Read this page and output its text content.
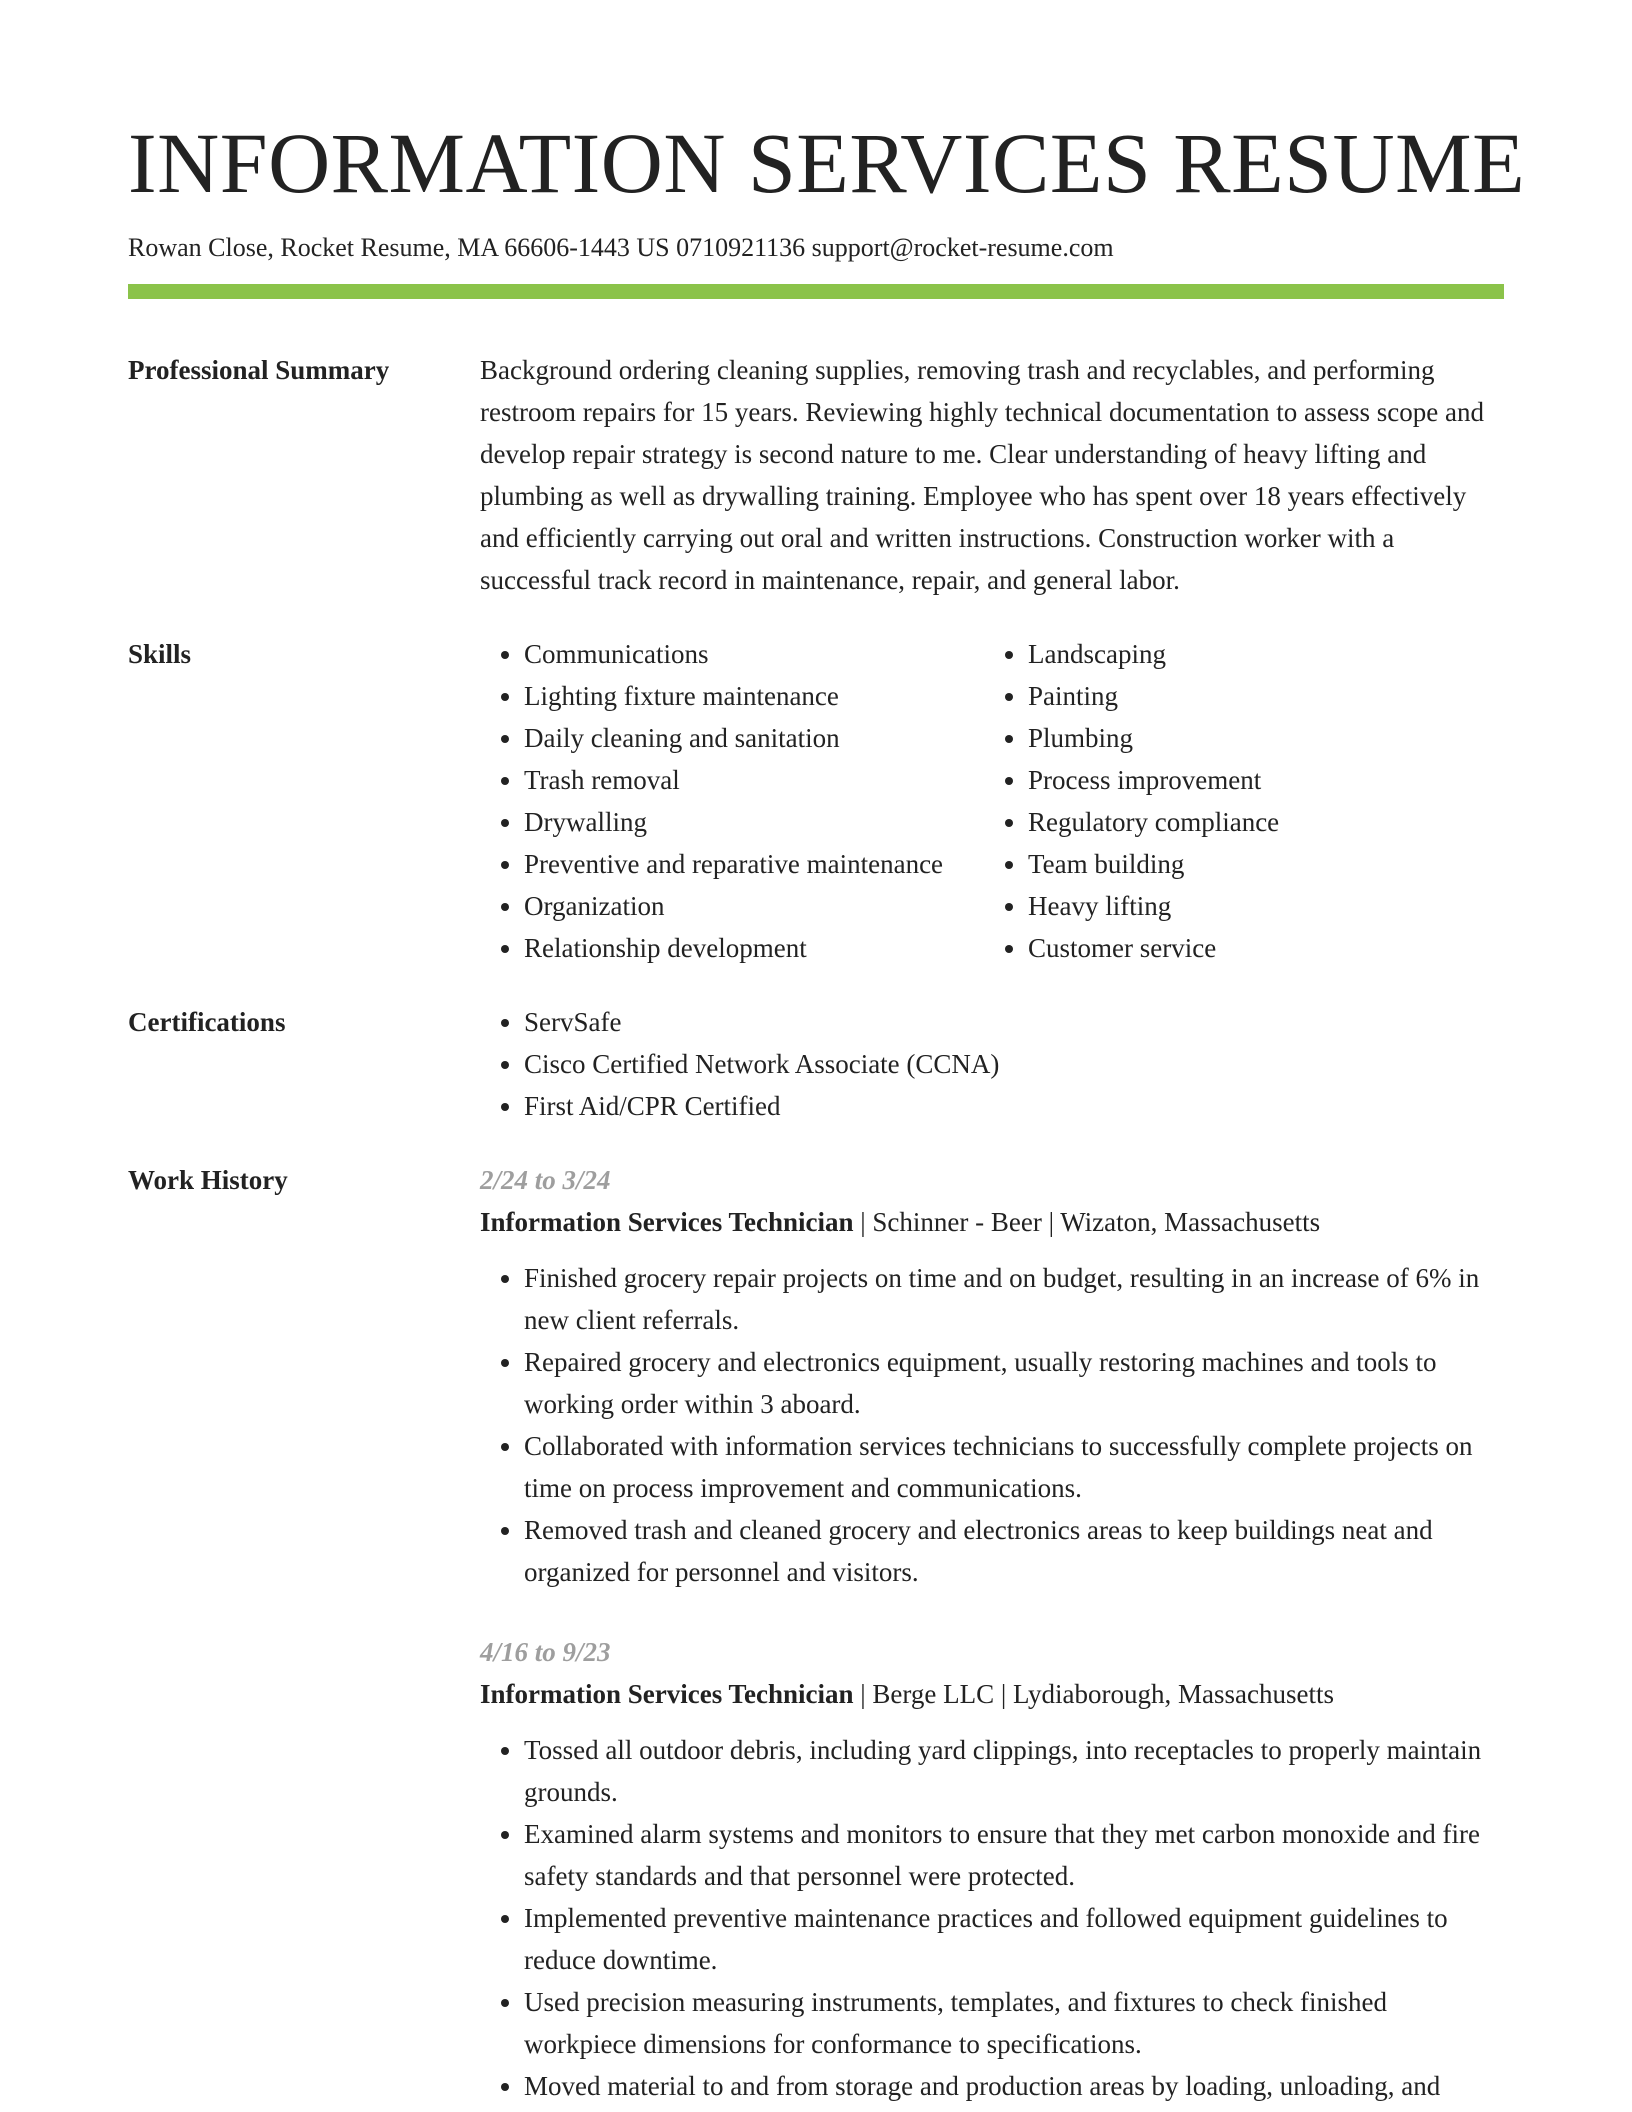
INFORMATION SERVICES RESUME
Rowan Close, Rocket Resume, MA 66606-1443 US 0710921136 support@rocket-resume.com
Professional Summary	Background ordering cleaning supplies, removing trash and recyclables, and performing restroom repairs for 15 years. Reviewing highly technical documentation to assess scope and develop repair strategy is second nature to me. Clear understanding of heavy lifting and plumbing as well as drywalling training. Employee who has spent over 18 years effectively and efficiently carrying out oral and written instructions. Construction worker with a successful track record in maintenance, repair, and general labor.
Skills	• Communications
• Lighting fixture maintenance
• Daily cleaning and sanitation
• Trash removal
• Drywalling
• Preventive and reparative maintenance
• Organization
• Relationship development
• Landscaping
• Painting
• Plumbing
• Process improvement
• Regulatory compliance
• Team building
• Heavy lifting
• Customer service
Certifications	• ServSafe
• Cisco Certified Network Associate (CCNA)
• First Aid/CPR Certified
Work History	2/24 to 3/24
Information Services Technician | Schinner - Beer | Wizaton, Massachusetts
• Finished grocery repair projects on time and on budget, resulting in an increase of 6% in new client referrals.
• Repaired grocery and electronics equipment, usually restoring machines and tools to working order within 3 aboard.
• Collaborated with information services technicians to successfully complete projects on time on process improvement and communications.
• Removed trash and cleaned grocery and electronics areas to keep buildings neat and organized for personnel and visitors.
4/16 to 9/23
Information Services Technician | Berge LLC | Lydiaborough, Massachusetts
• Tossed all outdoor debris, including yard clippings, into receptacles to properly maintain grounds.
• Examined alarm systems and monitors to ensure that they met carbon monoxide and fire safety standards and that personnel were protected.
• Implemented preventive maintenance practices and followed equipment guidelines to reduce downtime.
• Used precision measuring instruments, templates, and fixtures to check finished workpiece dimensions for conformance to specifications.
• Moved material to and from storage and production areas by loading, unloading, and
